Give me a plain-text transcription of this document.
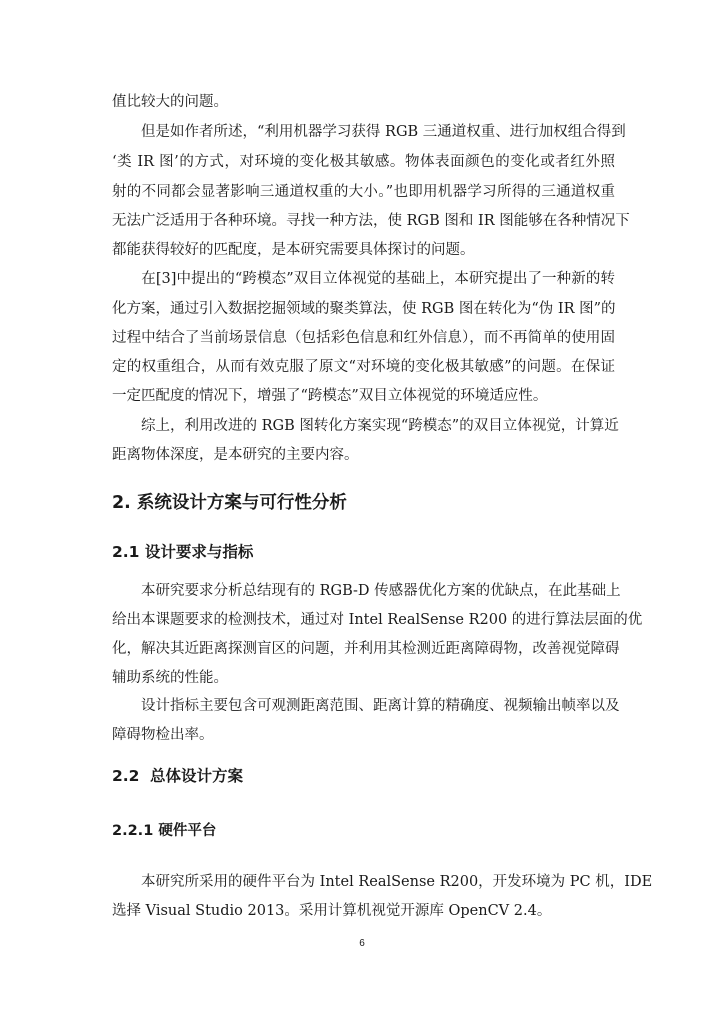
值比较大的问题。
　　但是如作者所述，“利用机器学习获得 RGB 三通道权重、进行加权组合得到
‘类 IR 图’的方式，对环境的变化极其敏感。物体表面颜色的变化或者红外照
射的不同都会显著影响三通道权重的大小。”也即用机器学习所得的三通道权重
无法广泛适用于各种环境。寻找一种方法，使 RGB 图和 IR 图能够在各种情况下
都能获得较好的匹配度，是本研究需要具体探讨的问题。
　　在[3]中提出的“跨模态”双目立体视觉的基础上，本研究提出了一种新的转
化方案，通过引入数据挖掘领域的聚类算法，使 RGB 图在转化为“伪 IR 图”的
过程中结合了当前场景信息（包括彩色信息和红外信息），而不再简单的使用固
定的权重组合，从而有效克服了原文“对环境的变化极其敏感”的问题。在保证
一定匹配度的情况下，增强了“跨模态”双目立体视觉的环境适应性。
　　综上，利用改进的 RGB 图转化方案实现“跨模态”的双目立体视觉，计算近
距离物体深度，是本研究的主要内容。
2. 系统设计方案与可行性分析
2.1 设计要求与指标
　　本研究要求分析总结现有的 RGB-D 传感器优化方案的优缺点，在此基础上
给出本课题要求的检测技术，通过对 Intel RealSense R200 的进行算法层面的优
化，解决其近距离探测盲区的问题，并利用其检测近距离障碍物，改善视觉障碍
辅助系统的性能。
　　设计指标主要包含可观测距离范围、距离计算的精确度、视频输出帧率以及
障碍物检出率。
2.2 总体设计方案
2.2.1 硬件平台
　　本研究所采用的硬件平台为 Intel RealSense R200，开发环境为 PC 机，IDE
选择 Visual Studio 2013。采用计算机视觉开源库 OpenCV 2.4。
6
